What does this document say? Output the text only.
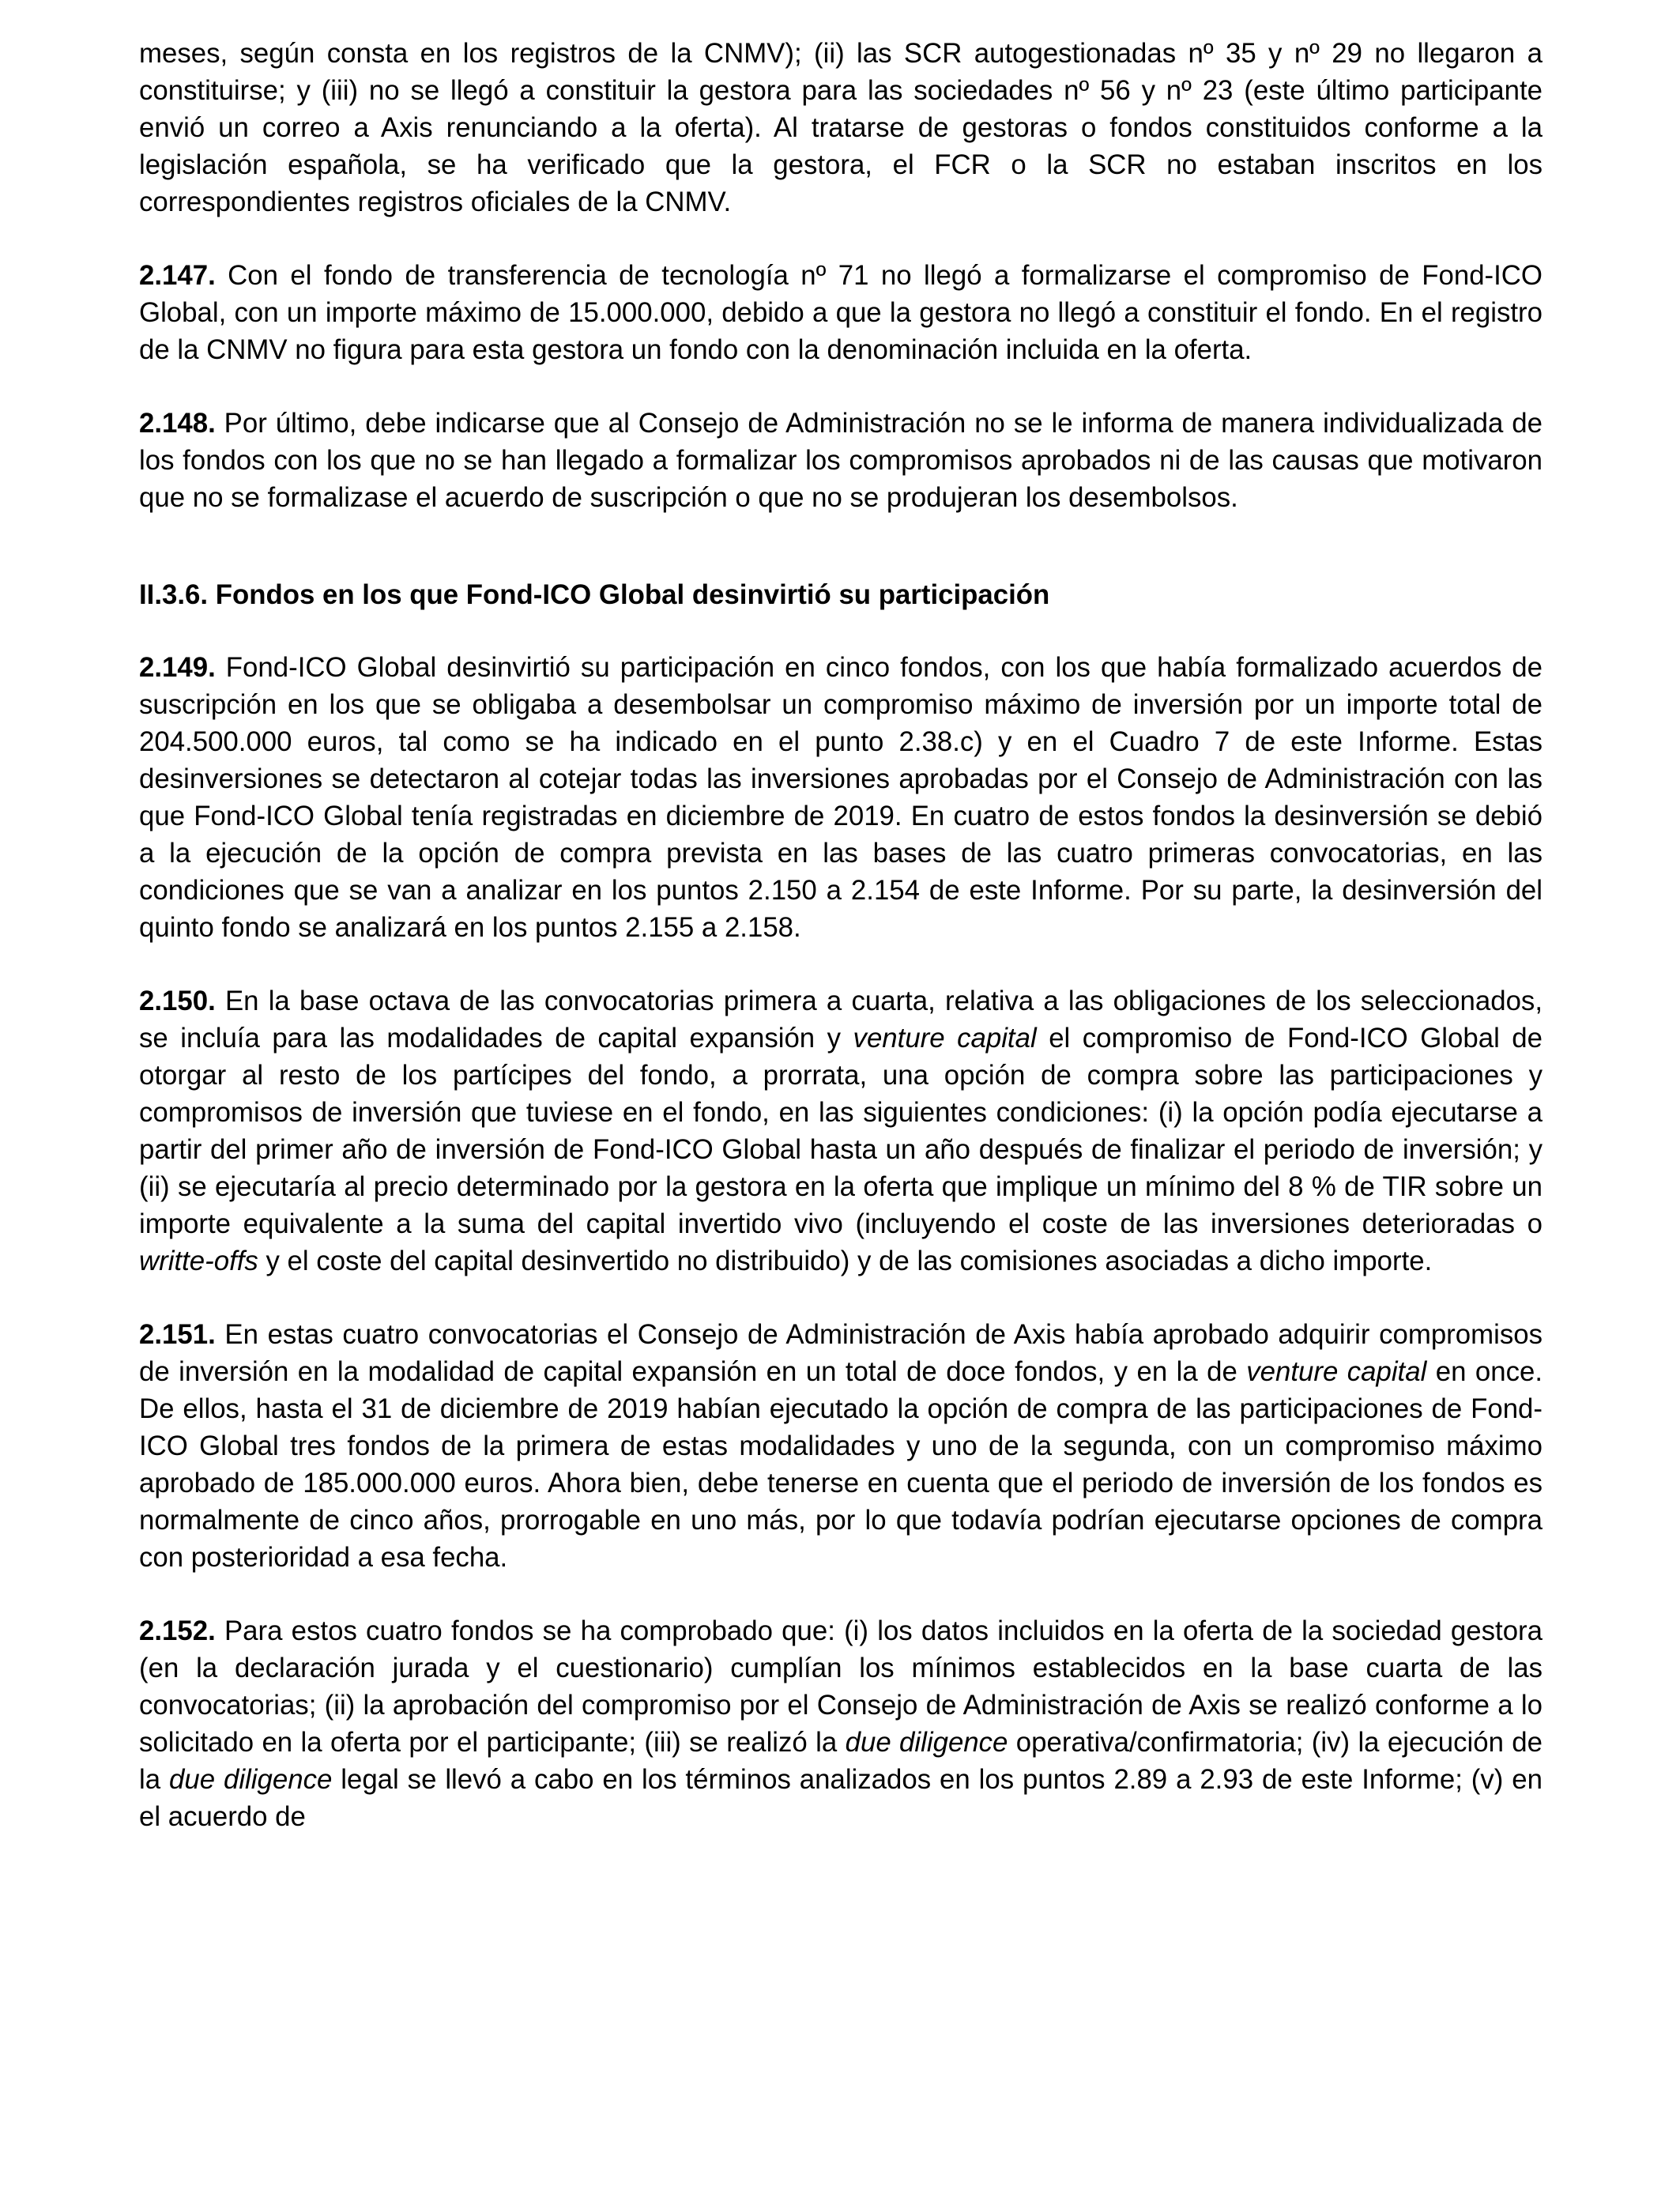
meses, según consta en los registros de la CNMV); (ii) las SCR autogestionadas nº 35 y nº 29 no llegaron a constituirse; y (iii) no se llegó a constituir la gestora para las sociedades nº 56 y nº 23 (este último participante envió un correo a Axis renunciando a la oferta). Al tratarse de gestoras o fondos constituidos conforme a la legislación española, se ha verificado que la gestora, el FCR o la SCR no estaban inscritos en los correspondientes registros oficiales de la CNMV.

2.147. Con el fondo de transferencia de tecnología nº 71 no llegó a formalizarse el compromiso de Fond-ICO Global, con un importe máximo de 15.000.000, debido a que la gestora no llegó a constituir el fondo. En el registro de la CNMV no figura para esta gestora un fondo con la denominación incluida en la oferta.

2.148. Por último, debe indicarse que al Consejo de Administración no se le informa de manera individualizada de los fondos con los que no se han llegado a formalizar los compromisos aprobados ni de las causas que motivaron que no se formalizase el acuerdo de suscripción o que no se produjeran los desembolsos.

II.3.6. Fondos en los que Fond-ICO Global desinvirtió su participación

2.149. Fond-ICO Global desinvirtió su participación en cinco fondos, con los que había formalizado acuerdos de suscripción en los que se obligaba a desembolsar un compromiso máximo de inversión por un importe total de 204.500.000 euros, tal como se ha indicado en el punto 2.38.c) y en el Cuadro 7 de este Informe. Estas desinversiones se detectaron al cotejar todas las inversiones aprobadas por el Consejo de Administración con las que Fond-ICO Global tenía registradas en diciembre de 2019. En cuatro de estos fondos la desinversión se debió a la ejecución de la opción de compra prevista en las bases de las cuatro primeras convocatorias, en las condiciones que se van a analizar en los puntos 2.150 a 2.154 de este Informe. Por su parte, la desinversión del quinto fondo se analizará en los puntos 2.155 a 2.158.

2.150. En la base octava de las convocatorias primera a cuarta, relativa a las obligaciones de los seleccionados, se incluía para las modalidades de capital expansión y venture capital el compromiso de Fond-ICO Global de otorgar al resto de los partícipes del fondo, a prorrata, una opción de compra sobre las participaciones y compromisos de inversión que tuviese en el fondo, en las siguientes condiciones: (i) la opción podía ejecutarse a partir del primer año de inversión de Fond-ICO Global hasta un año después de finalizar el periodo de inversión; y (ii) se ejecutaría al precio determinado por la gestora en la oferta que implique un mínimo del 8 % de TIR sobre un importe equivalente a la suma del capital invertido vivo (incluyendo el coste de las inversiones deterioradas o writte-offs y el coste del capital desinvertido no distribuido) y de las comisiones asociadas a dicho importe.

2.151. En estas cuatro convocatorias el Consejo de Administración de Axis había aprobado adquirir compromisos de inversión en la modalidad de capital expansión en un total de doce fondos, y en la de venture capital en once. De ellos, hasta el 31 de diciembre de 2019 habían ejecutado la opción de compra de las participaciones de Fond-ICO Global tres fondos de la primera de estas modalidades y uno de la segunda, con un compromiso máximo aprobado de 185.000.000 euros. Ahora bien, debe tenerse en cuenta que el periodo de inversión de los fondos es normalmente de cinco años, prorrogable en uno más, por lo que todavía podrían ejecutarse opciones de compra con posterioridad a esa fecha.

2.152. Para estos cuatro fondos se ha comprobado que: (i) los datos incluidos en la oferta de la sociedad gestora (en la declaración jurada y el cuestionario) cumplían los mínimos establecidos en la base cuarta de las convocatorias; (ii) la aprobación del compromiso por el Consejo de Administración de Axis se realizó conforme a lo solicitado en la oferta por el participante; (iii) se realizó la due diligence operativa/confirmatoria; (iv) la ejecución de la due diligence legal se llevó a cabo en los términos analizados en los puntos 2.89 a 2.93 de este Informe; (v) en el acuerdo de
